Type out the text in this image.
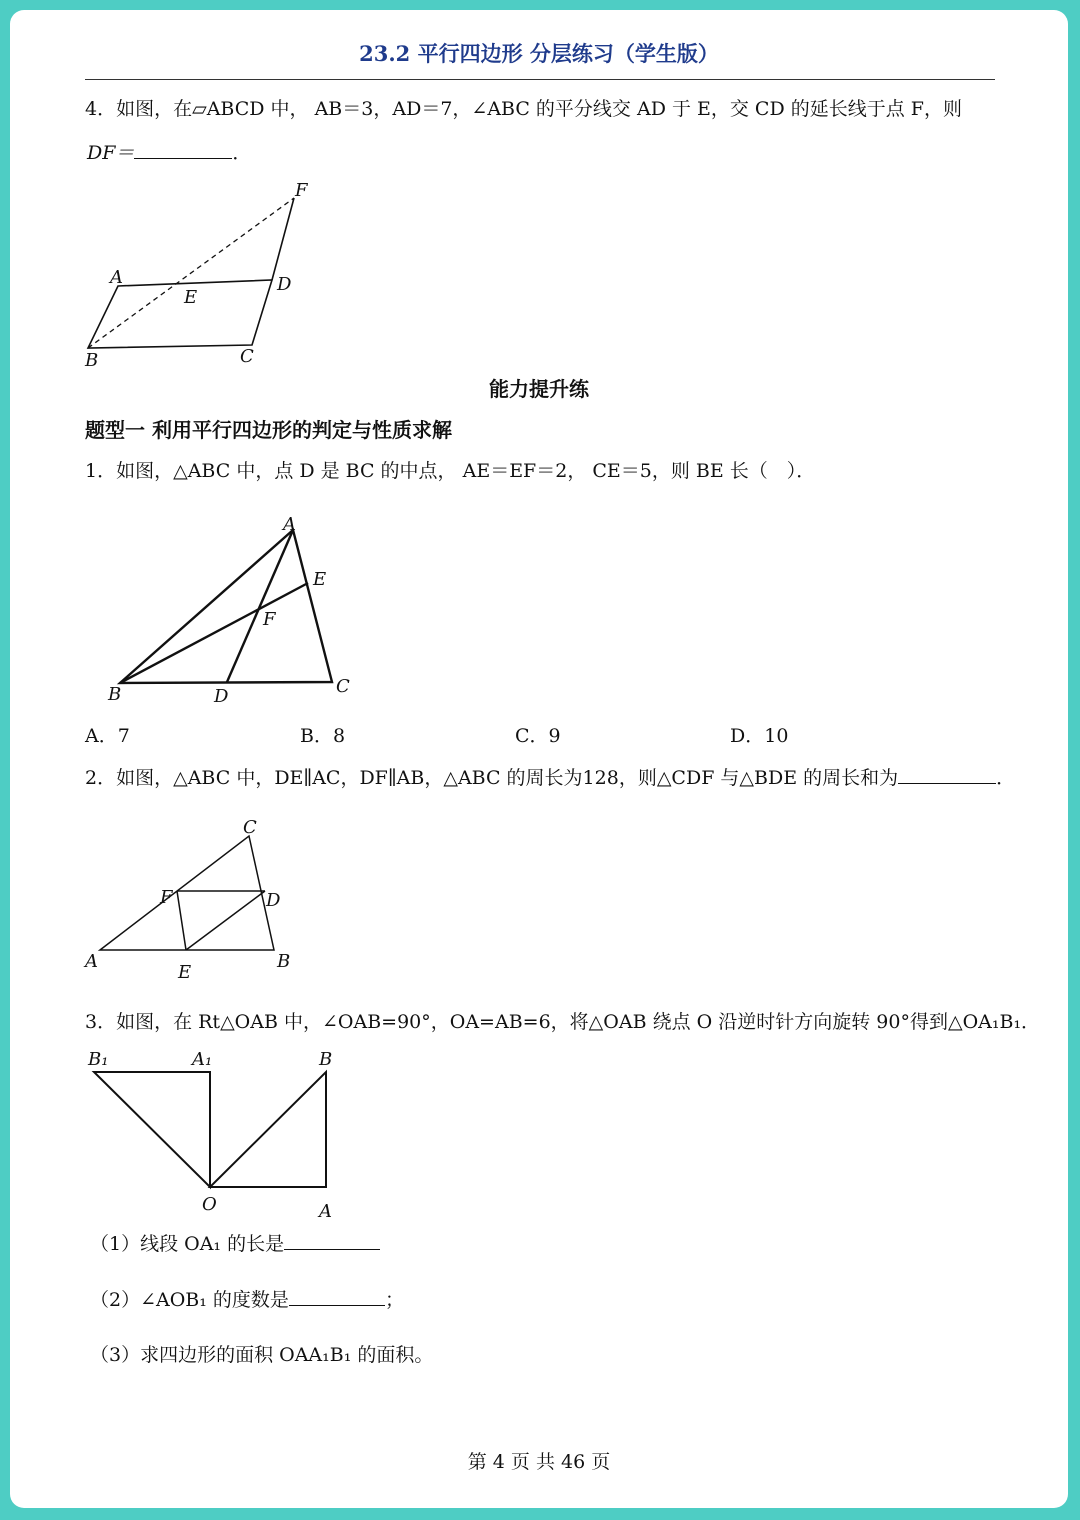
23.2 平行四边形 分层练习（学生版）
4．如图，在▱ABCD 中， AB＝3，AD＝7，∠ABC 的平分线交 AD 于 E，交 CD 的延长线于点 F，则
DF＝	．
A
B	C
D
E
F
能力提升练
题型一 利用平行四边形的判定与性质求解
1．如图，△ABC 中，点 D 是 BC 的中点， AE＝EF＝2， CE＝5，则 BE 长（　）．
A
B	C
D
E
F
A．7	B．8	C．9	D．10
2．如图，△ABC 中，DE∥AC，DF∥AB，△ABC 的周长为128，则△CDF 与△BDE 的周长和为	．
A	B
C
D
E
F
3．如图，在 Rt△OAB 中，∠OAB=90°，OA=AB=6，将△OAB 绕点 O 沿逆时针方向旋转 90°得到△OA₁B₁．
B₁	A₁	B
O	A
（1）线段 OA₁ 的长是
（2）∠AOB₁ 的度数是	；
（3）求四边形的面积 OAA₁B₁ 的面积。
第 4 页 共 46 页
